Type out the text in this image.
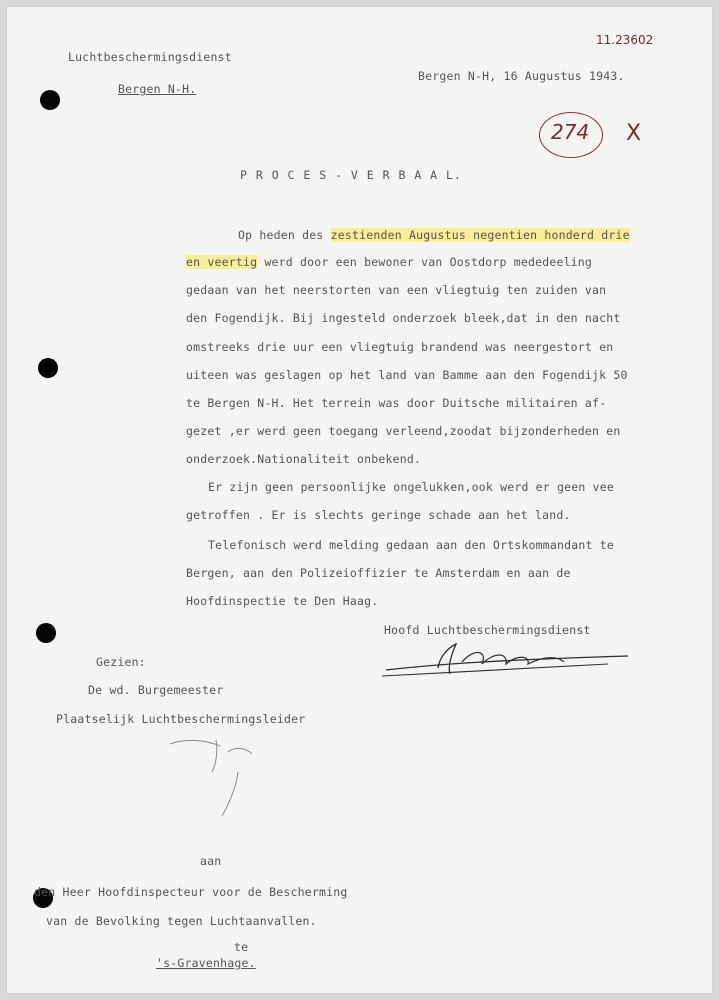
11.23602
274 X
Luchtbeschermingsdienst
Bergen N-H.
Bergen N-H, 16 Augustus 1943.
P R O C E S - V E R B A A L.
Op heden des zestienden Augustus negentien honderd drie
en veertig werd door een bewoner van Oostdorp mededeeling
gedaan van het neerstorten van een vliegtuig ten zuiden van
den Fogendijk. Bij ingesteld onderzoek bleek,dat in den nacht
omstreeks drie uur een vliegtuig brandend was neergestort en
uiteen was geslagen op het land van Bamme aan den Fogendijk 50
te Bergen N-H. Het terrein was door Duitsche militairen af-
gezet ,er werd geen toegang verleend,zoodat bijzonderheden en
onderzoek.Nationaliteit onbekend.
Er zijn geen persoonlijke ongelukken,ook werd er geen vee
getroffen . Er is slechts geringe schade aan het land.
Telefonisch werd melding gedaan aan den Ortskommandant te
Bergen, aan den Polizeioffizier te Amsterdam en aan de
Hoofdinspectie te Den Haag.
Hoofd Luchtbeschermingsdienst
Gezien:
De wd. Burgemeester
Plaatselijk Luchtbeschermingsleider
aan
den Heer Hoofdinspecteur voor de Bescherming
van de Bevolking tegen Luchtaanvallen.
te
's-Gravenhage.
